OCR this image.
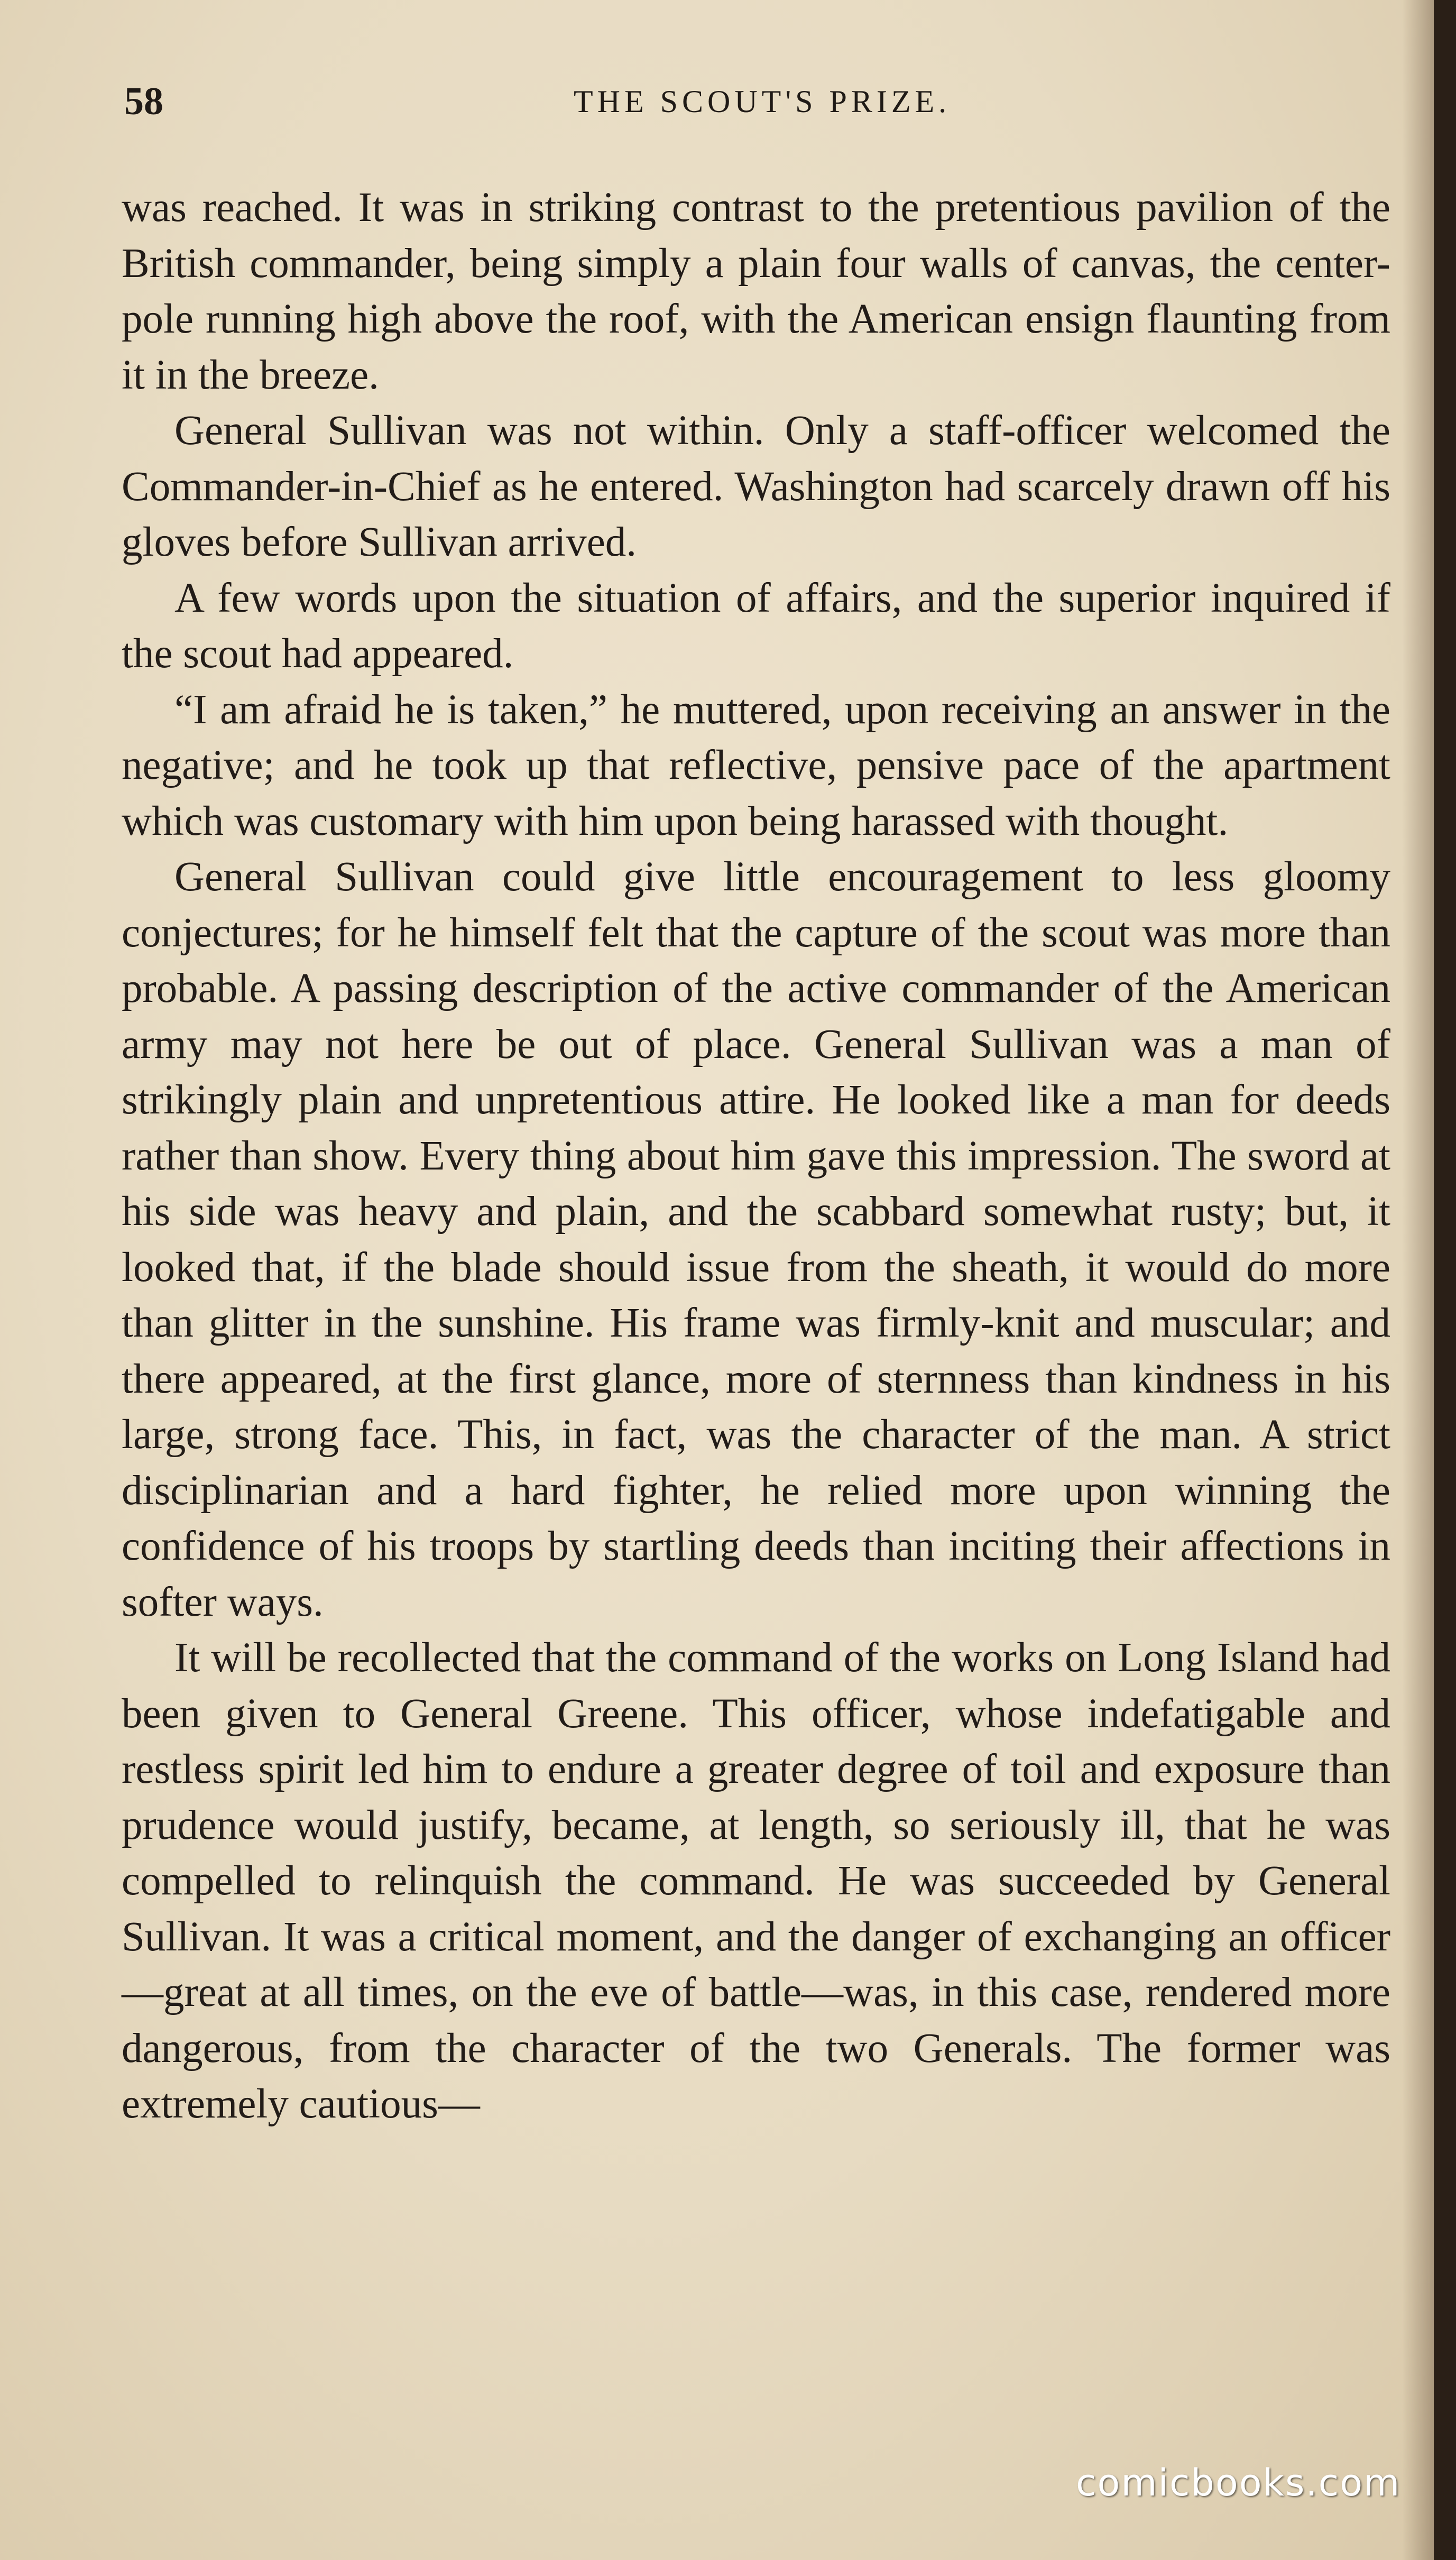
58	THE SCOUT'S PRIZE.

was reached. It was in striking contrast to the pretentious pavilion of the British commander, being simply a plain four walls of canvas, the center-pole running high above the roof, with the American ensign flaunting from it in the breeze.

General Sullivan was not within. Only a staff-officer welcomed the Commander-in-Chief as he entered. Washington had scarcely drawn off his gloves before Sullivan arrived.

A few words upon the situation of affairs, and the superior inquired if the scout had appeared.

“I am afraid he is taken,” he muttered, upon receiving an answer in the negative; and he took up that reflective, pensive pace of the apartment which was customary with him upon being harassed with thought.

General Sullivan could give little encouragement to less gloomy conjectures; for he himself felt that the capture of the scout was more than probable. A passing description of the active commander of the American army may not here be out of place. General Sullivan was a man of strikingly plain and unpretentious attire. He looked like a man for deeds rather than show. Every thing about him gave this impression. The sword at his side was heavy and plain, and the scabbard somewhat rusty; but, it looked that, if the blade should issue from the sheath, it would do more than glitter in the sunshine. His frame was firmly-knit and muscular; and there appeared, at the first glance, more of sternness than kindness in his large, strong face. This, in fact, was the character of the man. A strict disciplinarian and a hard fighter, he relied more upon winning the confidence of his troops by startling deeds than inciting their affections in softer ways.

It will be recollected that the command of the works on Long Island had been given to General Greene. This officer, whose indefatigable and restless spirit led him to endure a greater degree of toil and exposure than prudence would justify, became, at length, so seriously ill, that he was compelled to relinquish the command. He was succeeded by General Sullivan. It was a critical moment, and the danger of exchanging an officer—great at all times, on the eve of battle—was, in this case, rendered more dangerous, from the character of the two Generals. The former was extremely cautious—

comicbooks.com
